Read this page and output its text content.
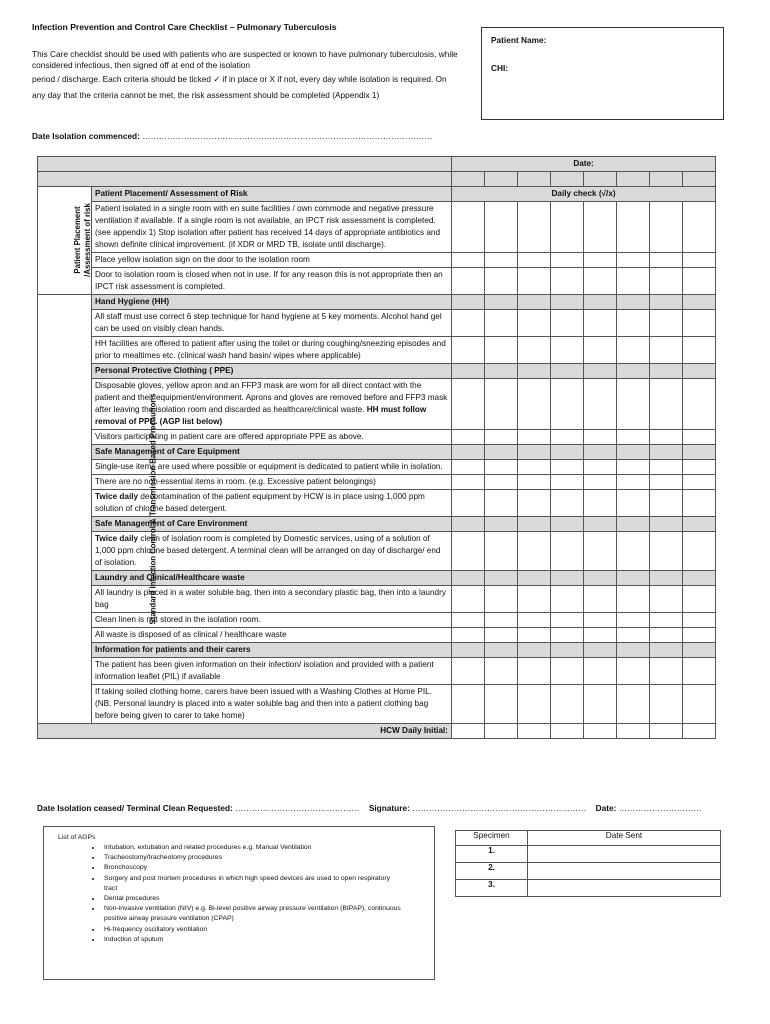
Infection Prevention and Control Care Checklist – Pulmonary Tuberculosis
This Care checklist should be used with patients who are suspected or known to have pulmonary tuberculosis, while considered infectious, then signed off at end of the isolation
period / discharge. Each criteria should be ticked ✓ if in place or X if not, every day while isolation is required. On any day that the criteria cannot be met, the risk assessment should be completed (Appendix 1)
Date Isolation commenced: ……………………………………………………………………………………………
Patient Name:
CHI:
		Date:							

Patient Placement /Assessment of risk	Patient Placement/ Assessment of Risk	Daily check (√/x)							
	Patient isolated in a single room with en suite facilities / own commode and negative pressure ventilation if available. If a single room is not available, an IPCT risk assessment is completed. (see appendix 1) Stop isolation after patient has received 14 days of appropriate antibiotics and shown definite clinical improvement. (if XDR or MRD TB, isolate until discharge).								
	Place yellow isolation sign on the door to the isolation room								
	Door to isolation room is closed when not in use. If for any reason this is not appropriate then an IPCT risk assessment is completed.								
Standard Infection Control & Transmission Based Precautions	Hand Hygiene (HH)								
	All staff must use correct 6 step technique for hand hygiene at 5 key moments. Alcohol hand gel can be used on visibly clean hands.								
	HH facilities are offered to patient after using the toilet or during coughing/sneezing episodes and prior to mealtimes etc. (clinical wash hand basin/ wipes where applicable)								
	Personal Protective Clothing ( PPE)								
	Disposable gloves, yellow apron and an FFP3 mask are worn for all direct contact with the patient and their equipment/environment. Aprons and gloves are removed before and FFP3 mask after leaving the isolation room and discarded as healthcare/clinical waste. HH must follow removal of PPE. (AGP list below)								
	Visitors participating in patient care are offered appropriate PPE as above.								
	Safe Management of Care Equipment								
	Single-use items are used where possible or equipment is dedicated to patient while in isolation.								
	There are no non-essential items in room. (e.g. Excessive patient belongings)								
	Twice daily decontamination of the patient equipment by HCW is in place using 1,000 ppm solution of chlorine based detergent.								
	Safe Management of Care Environment								
	Twice daily clean of isolation room is completed by Domestic services, using of a solution of 1,000 ppm chlorine based detergent. A terminal clean will be arranged on day of discharge/ end of isolation.								
	Laundry and Clinical/Healthcare waste								
	All laundry is placed in a water soluble bag, then into a secondary plastic bag, then into a laundry bag								
	Clean linen is not stored in the isolation room.								
	All waste is disposed of as clinical / healthcare waste								
	Information for patients and their carers								
	The patient has been given information on their infection/ isolation and provided with a patient information leaflet (PIL) if available								
	If taking soiled clothing home, carers have been issued with a Washing Clothes at Home PIL. (NB. Personal laundry is placed into a water soluble bag and then into a patient clothing bag before being given to carer to take home)								
HCW Daily Initial:									
Date Isolation ceased/ Terminal Clean Requested: ……………………………………… Signature: ……………………………………………………… Date: …………………………
List of AGPs
• Intubation, extubation and related procedures e.g. Manual Ventilation
• Tracheostomy/tracheotomy procedures
• Bronchoscopy
• Surgery and post mortem procedures in which high speed devices are used to open respiratory tract
• Dental procedures
• Non-invasive ventilation (NIV) e.g. Bi-level positive airway pressure ventilation (BIPAP), continuous positive airway pressure ventilation (CPAP)
• Hi-frequency oscillatory ventilation
• Induction of sputum
Specimen	Date Sent
1.	
2.	
3.	
